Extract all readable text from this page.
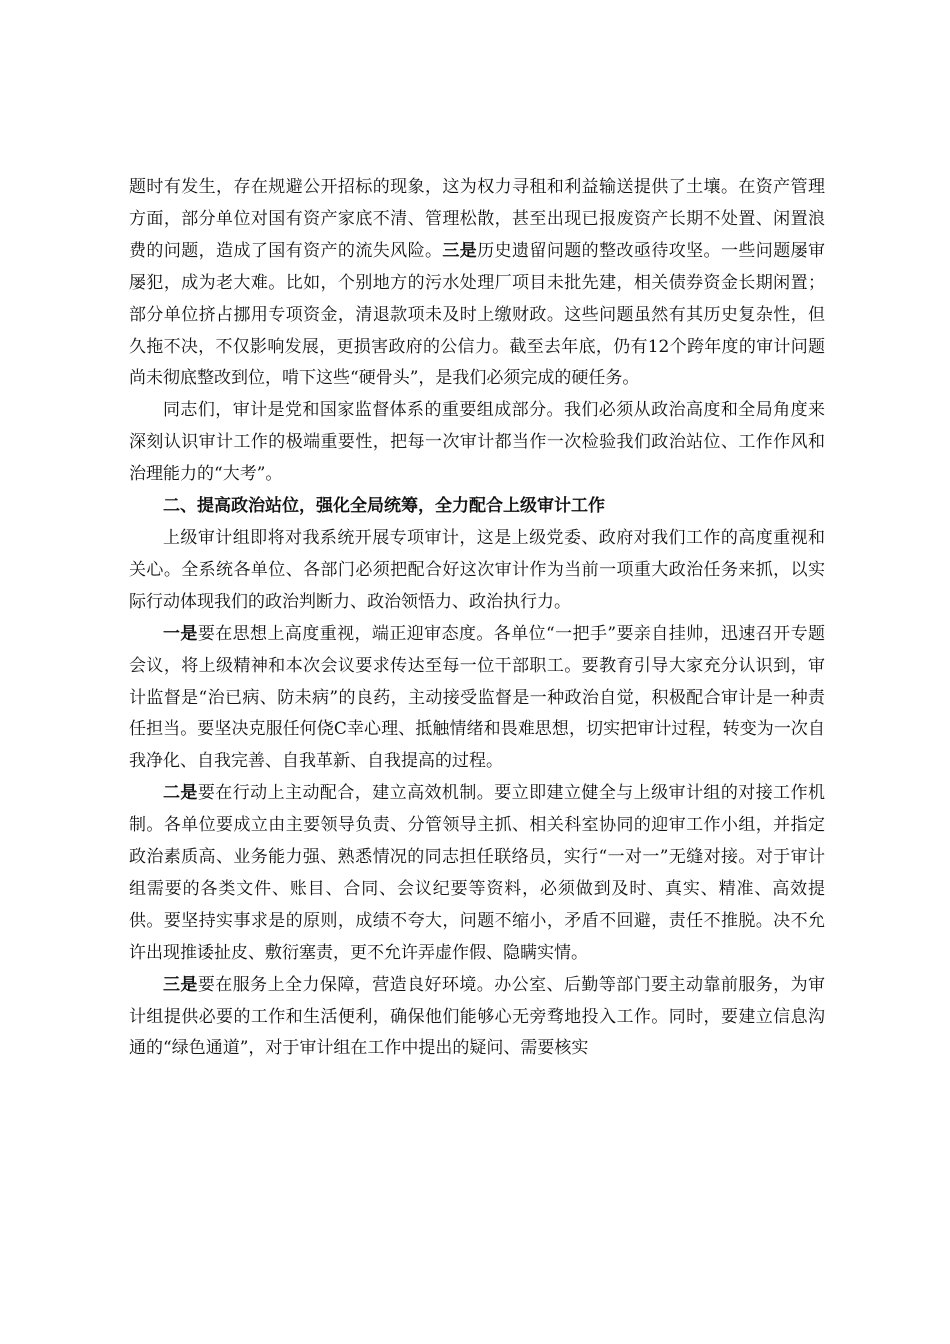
题时有发生，存在规避公开招标的现象，这为权力寻租和利益输送提供了土壤。在资产管理方面，部分单位对国有资产家底不清、管理松散，甚至出现已报废资产长期不处置、闲置浪费的问题，造成了国有资产的流失风险。三是历史遗留问题的整改亟待攻坚。一些问题屡审屡犯，成为老大难。比如，个别地方的污水处理厂项目未批先建，相关债券资金长期闲置；部分单位挤占挪用专项资金，清退款项未及时上缴财政。这些问题虽然有其历史复杂性，但久拖不决，不仅影响发展，更损害政府的公信力。截至去年底，仍有12个跨年度的审计问题尚未彻底整改到位，啃下这些“硬骨头”，是我们必须完成的硬任务。

同志们，审计是党和国家监督体系的重要组成部分。我们必须从政治高度和全局角度来深刻认识审计工作的极端重要性，把每一次审计都当作一次检验我们政治站位、工作作风和治理能力的“大考”。

二、提高政治站位，强化全局统筹，全力配合上级审计工作

上级审计组即将对我系统开展专项审计，这是上级党委、政府对我们工作的高度重视和关心。全系统各单位、各部门必须把配合好这次审计作为当前一项重大政治任务来抓，以实际行动体现我们的政治判断力、政治领悟力、政治执行力。

一是要在思想上高度重视，端正迎审态度。各单位“一把手”要亲自挂帅，迅速召开专题会议，将上级精神和本次会议要求传达至每一位干部职工。要教育引导大家充分认识到，审计监督是“治已病、防未病”的良药，主动接受监督是一种政治自觉，积极配合审计是一种责任担当。要坚决克服任何侥C幸心理、抵触情绪和畏难思想，切实把审计过程，转变为一次自我净化、自我完善、自我革新、自我提高的过程。

二是要在行动上主动配合，建立高效机制。要立即建立健全与上级审计组的对接工作机制。各单位要成立由主要领导负责、分管领导主抓、相关科室协同的迎审工作小组，并指定政治素质高、业务能力强、熟悉情况的同志担任联络员，实行“一对一”无缝对接。对于审计组需要的各类文件、账目、合同、会议纪要等资料，必须做到及时、真实、精准、高效提供。要坚持实事求是的原则，成绩不夸大，问题不缩小，矛盾不回避，责任不推脱。决不允许出现推诿扯皮、敷衍塞责，更不允许弄虚作假、隐瞒实情。

三是要在服务上全力保障，营造良好环境。办公室、后勤等部门要主动靠前服务，为审计组提供必要的工作和生活便利，确保他们能够心无旁骛地投入工作。同时，要建立信息沟通的“绿色通道”，对于审计组在工作中提出的疑问、需要核实
